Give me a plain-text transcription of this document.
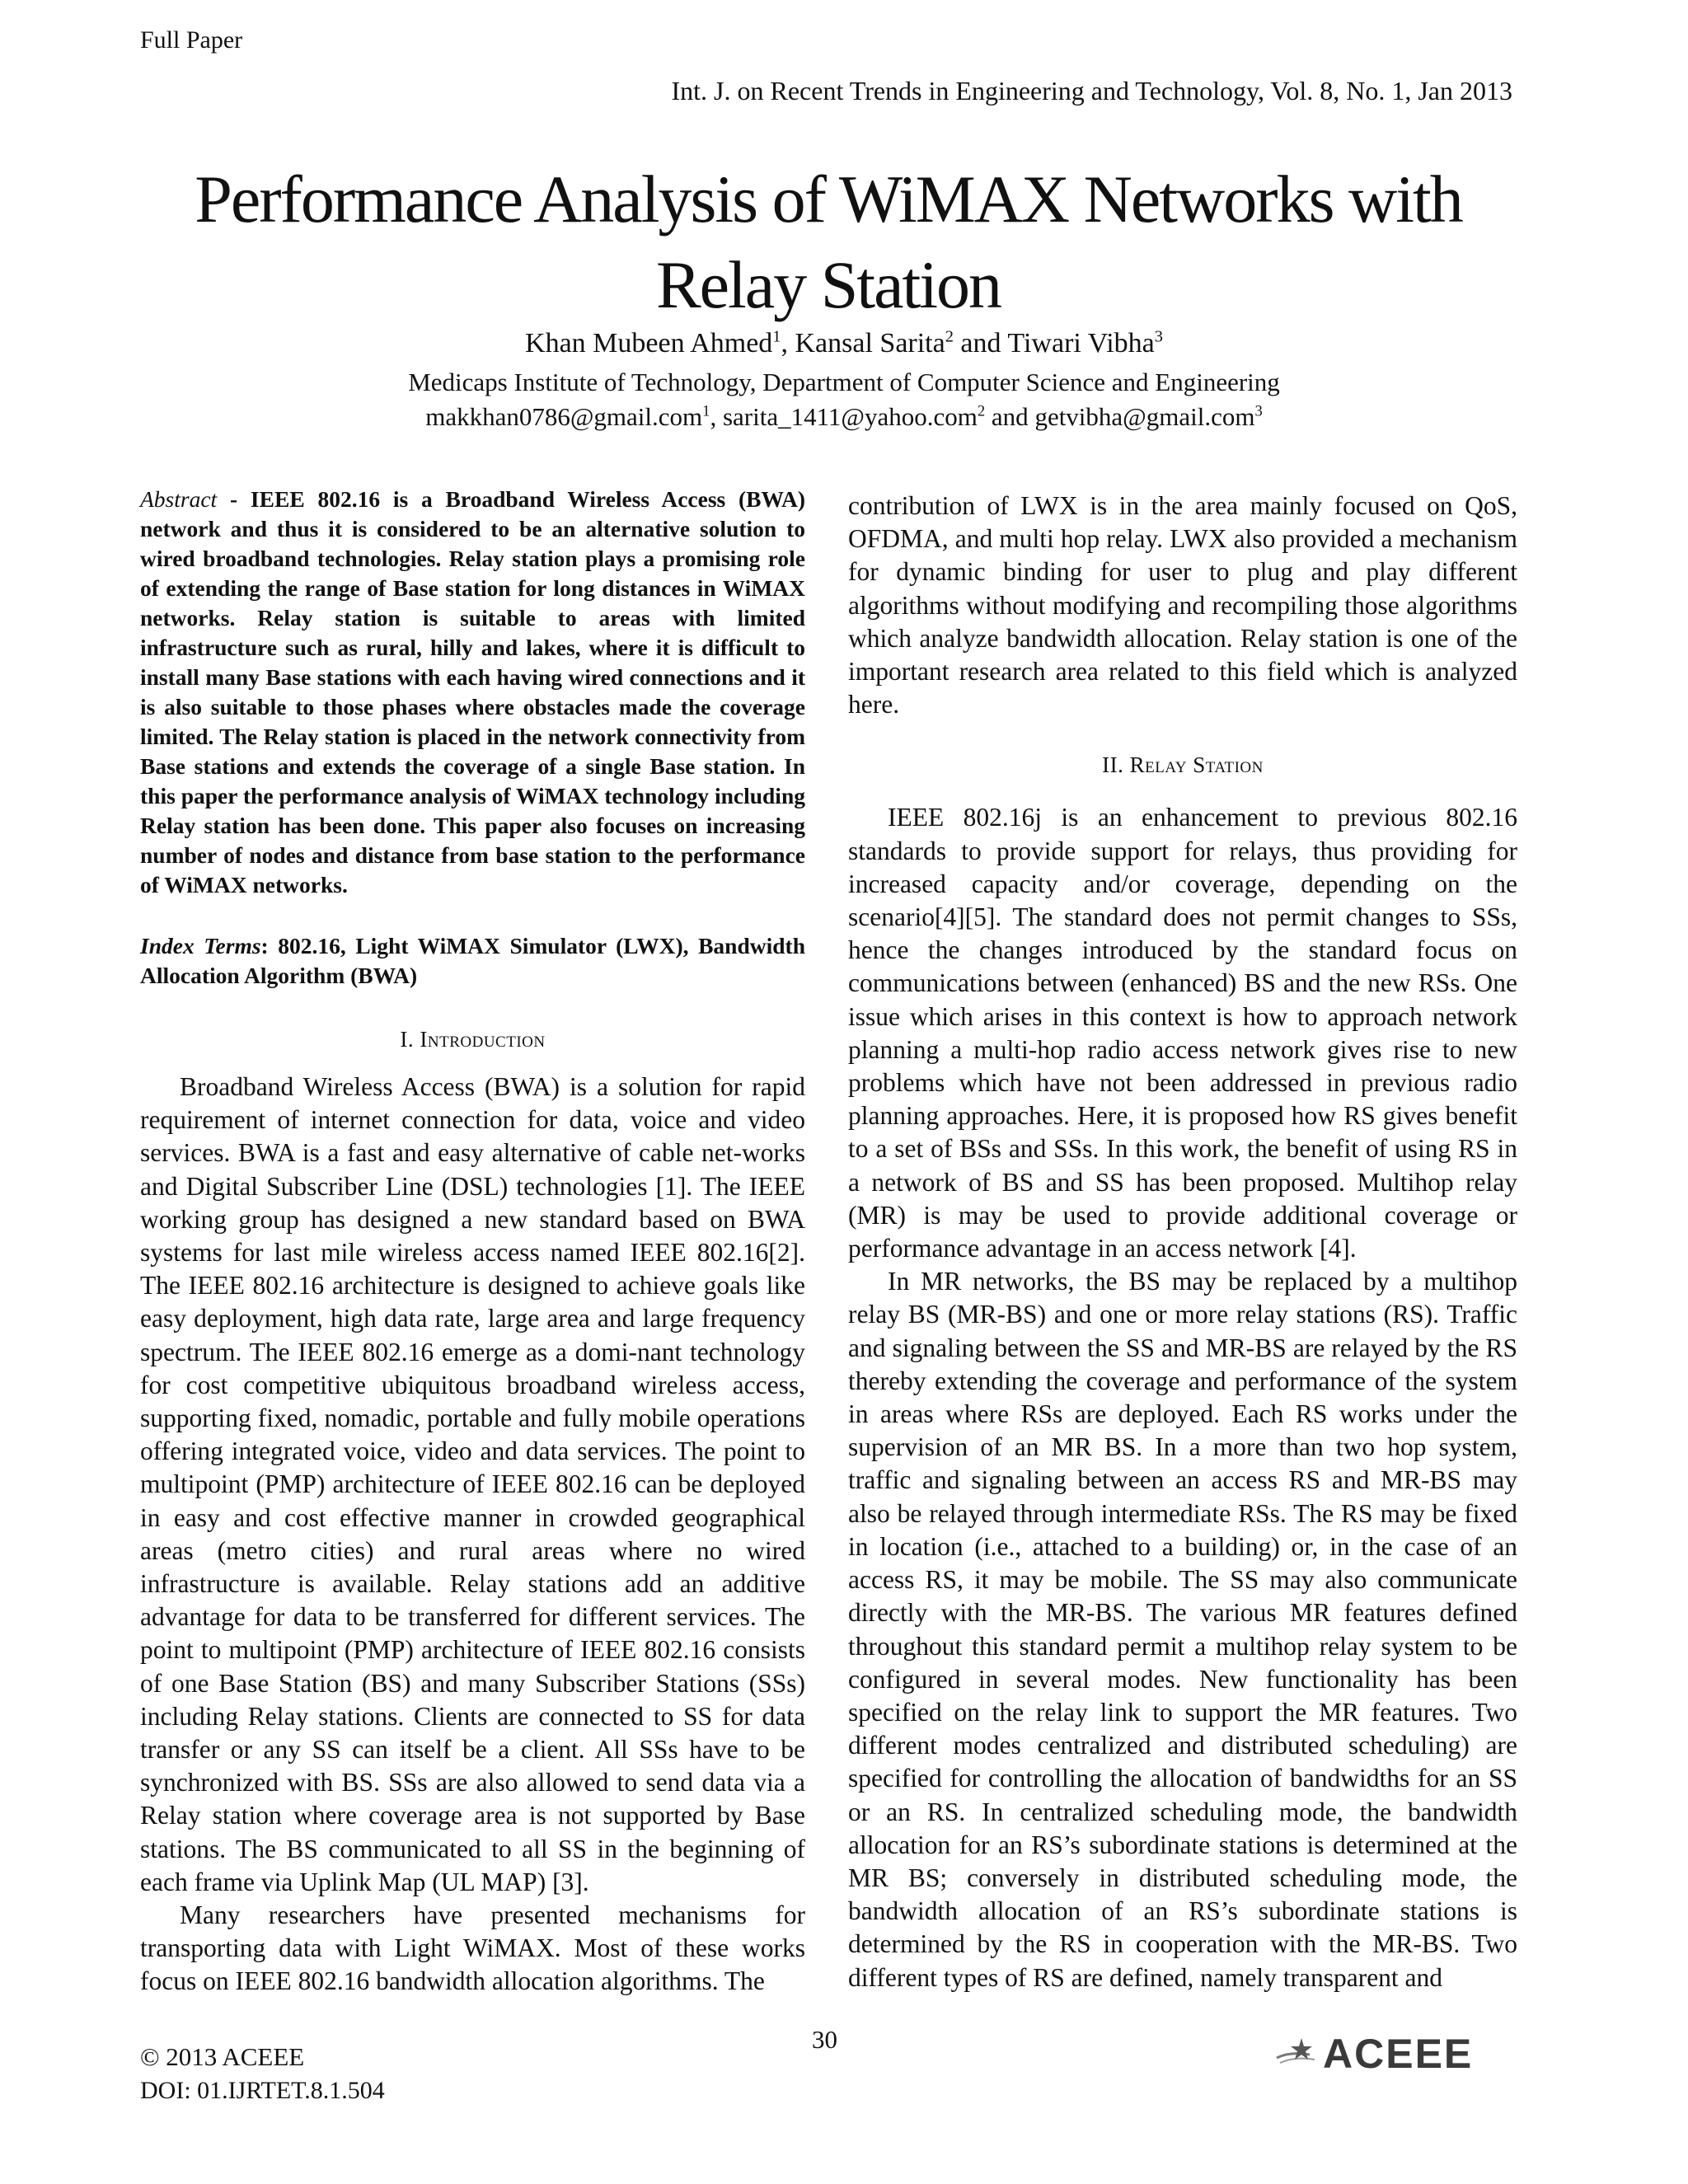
Full Paper
Int. J. on Recent Trends in Engineering and Technology, Vol. 8, No. 1, Jan 2013
Performance Analysis of WiMAX Networks with
Relay Station
Khan Mubeen Ahmed$^1$, Kansal Sarita$^2$ and Tiwari Vibha$^3$
Medicaps Institute of Technology, Department of Computer Science and Engineering
makkhan0786@gmail.com$^1$, sarita_1411@yahoo.com$^2$ and getvibha@gmail.com$^3$

Abstract - IEEE 802.16 is a Broadband Wireless Access (BWA) network and thus it is considered to be an alternative solution to wired broadband technologies. Relay station plays a promising role of extending the range of Base station for long distances in WiMAX networks. Relay station is suitable to areas with limited infrastructure such as rural, hilly and lakes, where it is difficult to install many Base stations with each having wired connections and it is also suitable to those phases where obstacles made the coverage limited. The Relay station is placed in the network connectivity from Base stations and extends the coverage of a single Base station. In this paper the performance analysis of WiMAX technology including Relay station has been done. This paper also focuses on increasing number of nodes and distance from base station to the performance of WiMAX networks.

Index Terms: 802.16, Light WiMAX Simulator (LWX), Bandwidth Allocation Algorithm (BWA)

I. Introduction

Broadband Wireless Access (BWA) is a solution for rapid requirement of internet connection for data, voice and video services. BWA is a fast and easy alternative of cable net-works and Digital Subscriber Line (DSL) technologies [1]. The IEEE working group has designed a new standard based on BWA systems for last mile wireless access named IEEE 802.16[2]. The IEEE 802.16 architecture is designed to achieve goals like easy deployment, high data rate, large area and large frequency spectrum. The IEEE 802.16 emerge as a domi-nant technology for cost competitive ubiquitous broadband wireless access, supporting fixed, nomadic, portable and fully mobile operations offering integrated voice, video and data services. The point to multipoint (PMP) architecture of IEEE 802.16 can be deployed in easy and cost effective manner in crowded geographical areas (metro cities) and rural areas where no wired infrastructure is available. Relay stations add an additive advantage for data to be transferred for different services. The point to multipoint (PMP) architecture of IEEE 802.16 consists of one Base Station (BS) and many Subscriber Stations (SSs) including Relay stations. Clients are connected to SS for data transfer or any SS can itself be a client. All SSs have to be synchronized with BS. SSs are also allowed to send data via a Relay station where coverage area is not supported by Base stations. The BS communicated to all SS in the beginning of each frame via Uplink Map (UL MAP) [3].

Many researchers have presented mechanisms for transporting data with Light WiMAX. Most of these works focus on IEEE 802.16 bandwidth allocation algorithms. The

contribution of LWX is in the area mainly focused on QoS, OFDMA, and multi hop relay. LWX also provided a mechanism for dynamic binding for user to plug and play different algorithms without modifying and recompiling those algorithms which analyze bandwidth allocation. Relay station is one of the important research area related to this field which is analyzed here.

II. Relay Station

IEEE 802.16j is an enhancement to previous 802.16 standards to provide support for relays, thus providing for increased capacity and/or coverage, depending on the scenario[4][5]. The standard does not permit changes to SSs, hence the changes introduced by the standard focus on communications between (enhanced) BS and the new RSs. One issue which arises in this context is how to approach network planning a multi-hop radio access network gives rise to new problems which have not been addressed in previous radio planning approaches. Here, it is proposed how RS gives benefit to a set of BSs and SSs. In this work, the benefit of using RS in a network of BS and SS has been proposed. Multihop relay (MR) is may be used to provide additional coverage or performance advantage in an access network [4].

In MR networks, the BS may be replaced by a multihop relay BS (MR-BS) and one or more relay stations (RS). Traffic and signaling between the SS and MR-BS are relayed by the RS thereby extending the coverage and performance of the system in areas where RSs are deployed. Each RS works under the supervision of an MR BS. In a more than two hop system, traffic and signaling between an access RS and MR-BS may also be relayed through intermediate RSs. The RS may be fixed in location (i.e., attached to a building) or, in the case of an access RS, it may be mobile. The SS may also communicate directly with the MR-BS. The various MR features defined throughout this standard permit a multihop relay system to be configured in several modes. New functionality has been specified on the relay link to support the MR features. Two different modes centralized and distributed scheduling) are specified for controlling the allocation of bandwidths for an SS or an RS. In centralized scheduling mode, the bandwidth allocation for an RS’s subordinate stations is determined at the MR BS; conversely in distributed scheduling mode, the bandwidth allocation of an RS’s subordinate stations is determined by the RS in cooperation with the MR-BS. Two different types of RS are defined, namely transparent and

30
© 2013 ACEEE
DOI: 01.IJRTET.8.1.504
ACEEE
